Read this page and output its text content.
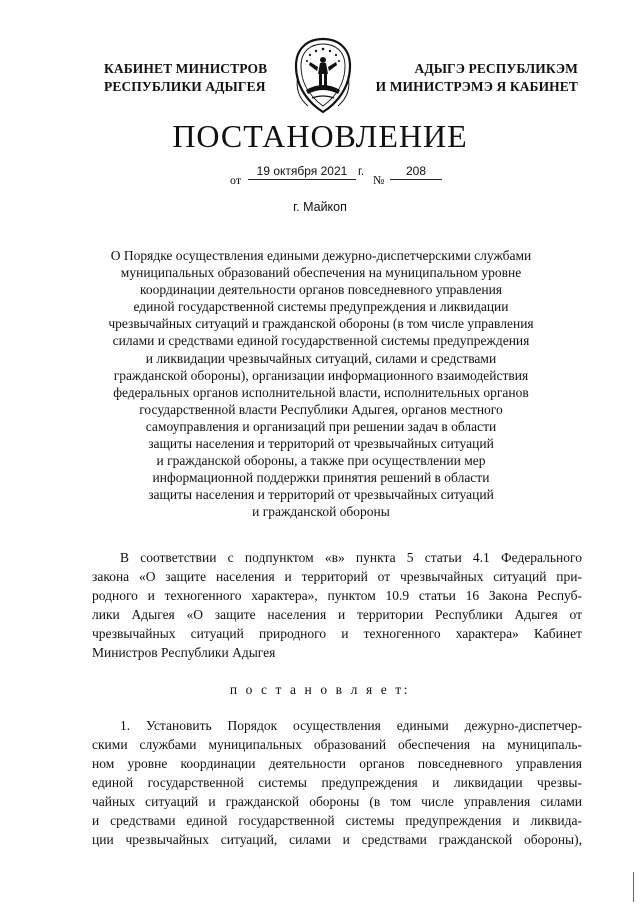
КАБИНЕТ МИНИСТРОВ
РЕСПУБЛИКИ АДЫГЕЯ
АДЫГЭ РЕСПУБЛИКЭМ
И МИНИСТРЭМЭ Я КАБИНЕТ
ПОСТАНОВЛЕНИЕ
от
19 октября 2021 г.
№
208
г. Майкоп
О Порядке осуществления едиными дежурно-диспетчерскими службами
муниципальных образований обеспечения на муниципальном уровне
координации деятельности органов повседневного управления
единой государственной системы предупреждения и ликвидации
чрезвычайных ситуаций и гражданской обороны (в том числе управления
силами и средствами единой государственной системы предупреждения
и ликвидации чрезвычайных ситуаций, силами и средствами
гражданской обороны), организации информационного взаимодействия
федеральных органов исполнительной власти, исполнительных органов
государственной власти Республики Адыгея, органов местного
самоуправления и организаций при решении задач в области
защиты населения и территорий от чрезвычайных ситуаций
и гражданской обороны, а также при осуществлении мер
информационной поддержки принятия решений в области
защиты населения и территорий от чрезвычайных ситуаций
и гражданской обороны
В соответствии с подпунктом «в» пункта 5 статьи 4.1 Федерального
закона «О защите населения и территорий от чрезвычайных ситуаций при-
родного и техногенного характера», пунктом 10.9 статьи 16 Закона Респуб-
лики Адыгея «О защите населения и территории Республики Адыгея от
чрезвычайных ситуаций природного и техногенного характера» Кабинет
Министров Республики Адыгея
п о с т а н о в л я е т:
1. Установить Порядок осуществления едиными дежурно-диспетчер-
скими службами муниципальных образований обеспечения на муниципаль-
ном уровне координации деятельности органов повседневного управления
единой государственной системы предупреждения и ликвидации чрезвы-
чайных ситуаций и гражданской обороны (в том числе управления силами
и средствами единой государственной системы предупреждения и ликвида-
ции чрезвычайных ситуаций, силами и средствами гражданской обороны),
